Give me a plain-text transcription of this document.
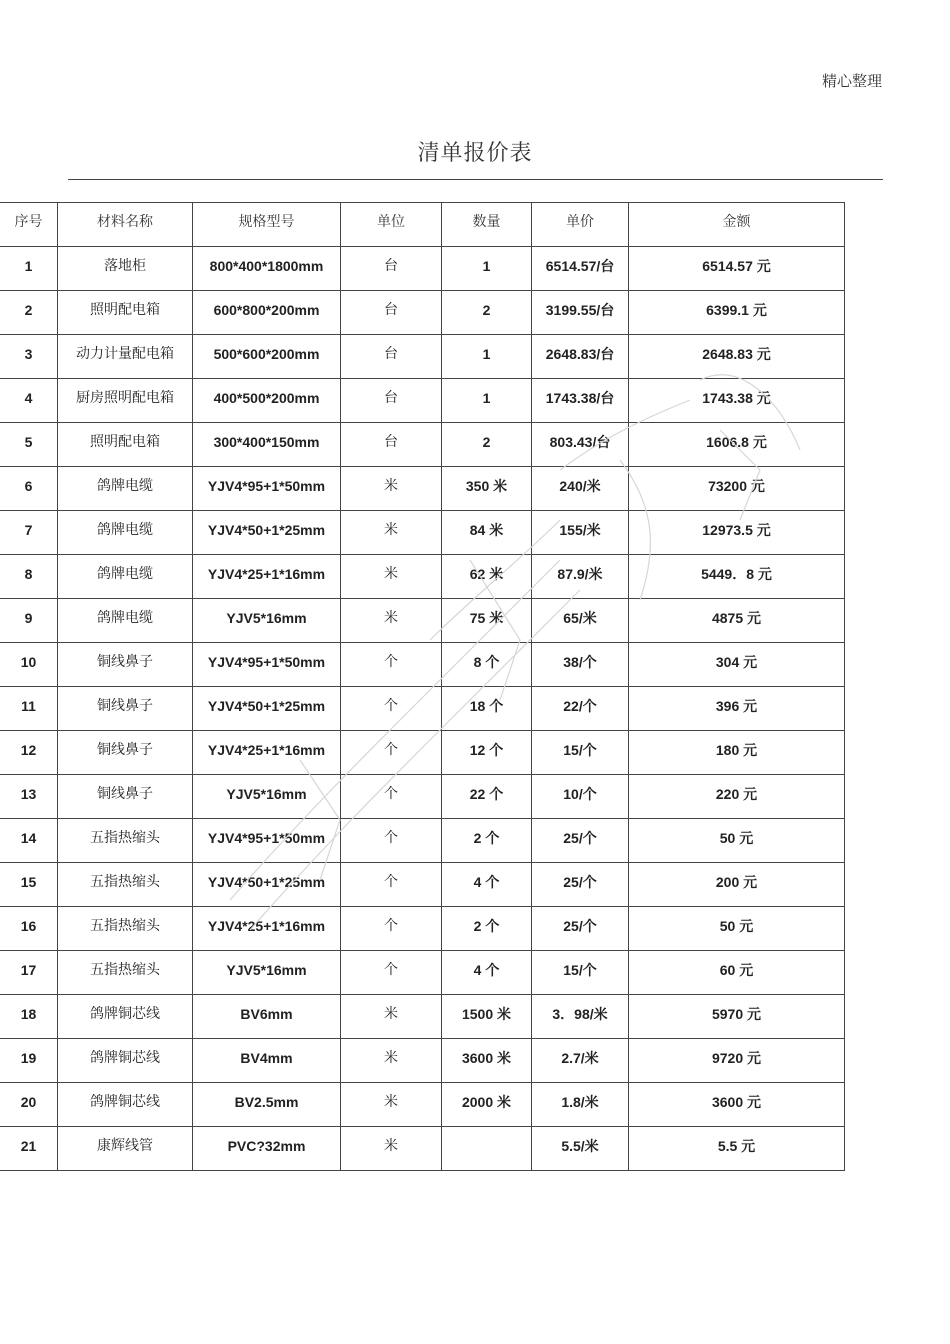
精心整理
清单报价表
序号	材料名称	规格型号	单位	数量	单价	金额
1	落地柜	800*400*1800mm	台	1	6514.57/台	6514.57 元
2	照明配电箱	600*800*200mm	台	2	3199.55/台	6399.1 元
3	动力计量配电箱	500*600*200mm	台	1	2648.83/台	2648.83 元
4	厨房照明配电箱	400*500*200mm	台	1	1743.38/台	1743.38 元
5	照明配电箱	300*400*150mm	台	2	803.43/台	1606.8 元
6	鸽牌电缆	YJV4*95+1*50mm	米	350 米	240/米	73200 元
7	鸽牌电缆	YJV4*50+1*25mm	米	84 米	155/米	12973.5 元
8	鸽牌电缆	YJV4*25+1*16mm	米	62 米	87.9/米	5449．8 元
9	鸽牌电缆	YJV5*16mm	米	75 米	65/米	4875 元
10	铜线鼻子	YJV4*95+1*50mm	个	8 个	38/个	304 元
11	铜线鼻子	YJV4*50+1*25mm	个	18 个	22/个	396 元
12	铜线鼻子	YJV4*25+1*16mm	个	12 个	15/个	180 元
13	铜线鼻子	YJV5*16mm	个	22 个	10/个	220 元
14	五指热缩头	YJV4*95+1*50mm	个	2 个	25/个	50 元
15	五指热缩头	YJV4*50+1*25mm	个	4 个	25/个	200 元
16	五指热缩头	YJV4*25+1*16mm	个	2 个	25/个	50 元
17	五指热缩头	YJV5*16mm	个	4 个	15/个	60 元
18	鸽牌铜芯线	BV6mm	米	1500 米	3．98/米	5970 元
19	鸽牌铜芯线	BV4mm	米	3600 米	2.7/米	9720 元
20	鸽牌铜芯线	BV2.5mm	米	2000 米	1.8/米	3600 元
21	康辉线管	PVC?32mm	米		5.5/米	5.5 元
